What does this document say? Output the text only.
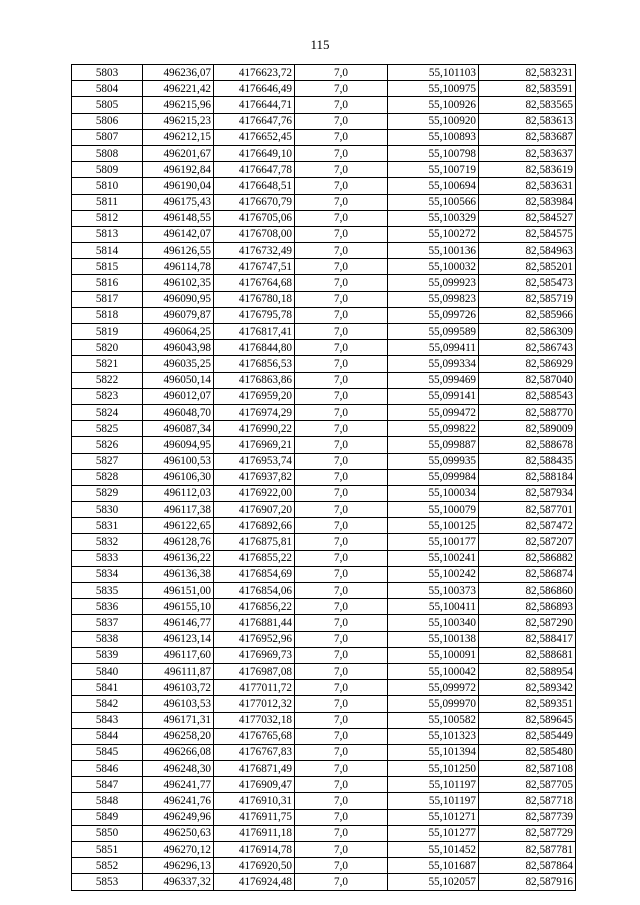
115
5803	496236,07	4176623,72	7,0	55,101103	82,583231
5804	496221,42	4176646,49	7,0	55,100975	82,583591
5805	496215,96	4176644,71	7,0	55,100926	82,583565
5806	496215,23	4176647,76	7,0	55,100920	82,583613
5807	496212,15	4176652,45	7,0	55,100893	82,583687
5808	496201,67	4176649,10	7,0	55,100798	82,583637
5809	496192,84	4176647,78	7,0	55,100719	82,583619
5810	496190,04	4176648,51	7,0	55,100694	82,583631
5811	496175,43	4176670,79	7,0	55,100566	82,583984
5812	496148,55	4176705,06	7,0	55,100329	82,584527
5813	496142,07	4176708,00	7,0	55,100272	82,584575
5814	496126,55	4176732,49	7,0	55,100136	82,584963
5815	496114,78	4176747,51	7,0	55,100032	82,585201
5816	496102,35	4176764,68	7,0	55,099923	82,585473
5817	496090,95	4176780,18	7,0	55,099823	82,585719
5818	496079,87	4176795,78	7,0	55,099726	82,585966
5819	496064,25	4176817,41	7,0	55,099589	82,586309
5820	496043,98	4176844,80	7,0	55,099411	82,586743
5821	496035,25	4176856,53	7,0	55,099334	82,586929
5822	496050,14	4176863,86	7,0	55,099469	82,587040
5823	496012,07	4176959,20	7,0	55,099141	82,588543
5824	496048,70	4176974,29	7,0	55,099472	82,588770
5825	496087,34	4176990,22	7,0	55,099822	82,589009
5826	496094,95	4176969,21	7,0	55,099887	82,588678
5827	496100,53	4176953,74	7,0	55,099935	82,588435
5828	496106,30	4176937,82	7,0	55,099984	82,588184
5829	496112,03	4176922,00	7,0	55,100034	82,587934
5830	496117,38	4176907,20	7,0	55,100079	82,587701
5831	496122,65	4176892,66	7,0	55,100125	82,587472
5832	496128,76	4176875,81	7,0	55,100177	82,587207
5833	496136,22	4176855,22	7,0	55,100241	82,586882
5834	496136,38	4176854,69	7,0	55,100242	82,586874
5835	496151,00	4176854,06	7,0	55,100373	82,586860
5836	496155,10	4176856,22	7,0	55,100411	82,586893
5837	496146,77	4176881,44	7,0	55,100340	82,587290
5838	496123,14	4176952,96	7,0	55,100138	82,588417
5839	496117,60	4176969,73	7,0	55,100091	82,588681
5840	496111,87	4176987,08	7,0	55,100042	82,588954
5841	496103,72	4177011,72	7,0	55,099972	82,589342
5842	496103,53	4177012,32	7,0	55,099970	82,589351
5843	496171,31	4177032,18	7,0	55,100582	82,589645
5844	496258,20	4176765,68	7,0	55,101323	82,585449
5845	496266,08	4176767,83	7,0	55,101394	82,585480
5846	496248,30	4176871,49	7,0	55,101250	82,587108
5847	496241,77	4176909,47	7,0	55,101197	82,587705
5848	496241,76	4176910,31	7,0	55,101197	82,587718
5849	496249,96	4176911,75	7,0	55,101271	82,587739
5850	496250,63	4176911,18	7,0	55,101277	82,587729
5851	496270,12	4176914,78	7,0	55,101452	82,587781
5852	496296,13	4176920,50	7,0	55,101687	82,587864
5853	496337,32	4176924,48	7,0	55,102057	82,587916
